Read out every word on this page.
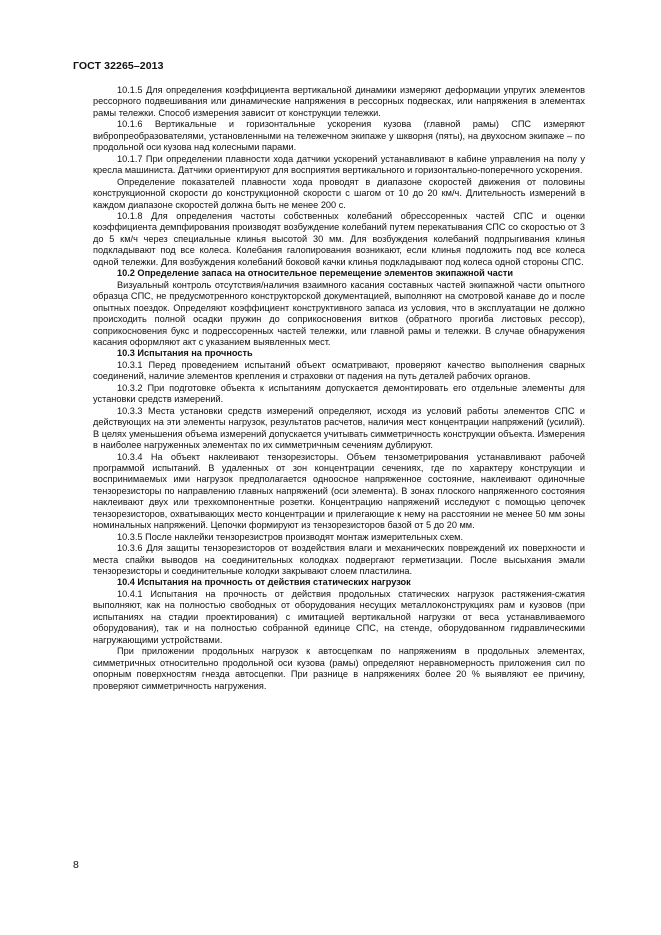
ГОСТ 32265–2013

10.1.5 Для определения коэффициента вертикальной динамики измеряют деформации упругих элементов рессорного подвешивания или динамические напряжения в рессорных подвесках, или напряжения в элементах рамы тележки. Способ измерения зависит от конструкции тележки.

10.1.6 Вертикальные и горизонтальные ускорения кузова (главной рамы) СПС измеряют вибропреобразователями, установленными на тележечном экипаже у шкворня (пяты), на двухосном экипаже – по продольной оси кузова над колесными парами.

10.1.7 При определении плавности хода датчики ускорений устанавливают в кабине управления на полу у кресла машиниста. Датчики ориентируют для восприятия вертикального и горизонтально-поперечного ускорения.

Определение показателей плавности хода проводят в диапазоне скоростей движения от половины конструкционной скорости до конструкционной скорости с шагом от 10 до 20 км/ч. Длительность измерений в каждом диапазоне скоростей должна быть не менее 200 с.

10.1.8 Для определения частоты собственных колебаний обрессоренных частей СПС и оценки коэффициента демпфирования производят возбуждение колебаний путем перекатывания СПС со скоростью от 3 до 5 км/ч через специальные клинья высотой 30 мм. Для возбуждения колебаний подпрыгивания клинья подкладывают под все колеса. Колебания галопирования возникают, если клинья подложить под все колеса одной тележки. Для возбуждения колебаний боковой качки клинья подкладывают под колеса одной стороны СПС.

10.2 Определение запаса на относительное перемещение элементов экипажной части

Визуальный контроль отсутствия/наличия взаимного касания составных частей экипажной части опытного образца СПС, не предусмотренного конструкторской документацией, выполняют на смотровой канаве до и после опытных поездок. Определяют коэффициент конструктивного запаса из условия, что в эксплуатации не должно происходить полной осадки пружин до соприкосновения витков (обратного прогиба листовых рессор), соприкосновения букс и подрессоренных частей тележки, или главной рамы и тележки. В случае обнаружения касания оформляют акт с указанием выявленных мест.

10.3 Испытания на прочность

10.3.1 Перед проведением испытаний объект осматривают, проверяют качество выполнения сварных соединений, наличие элементов крепления и страховки от падения на путь деталей рабочих органов.

10.3.2 При подготовке объекта к испытаниям допускается демонтировать его отдельные элементы для установки средств измерений.

10.3.3 Места установки средств измерений определяют, исходя из условий работы элементов СПС и действующих на эти элементы нагрузок, результатов расчетов, наличия мест концентрации напряжений (усилий). В целях уменьшения объема измерений допускается учитывать симметричность конструкции объекта. Измерения в наиболее нагруженных элементах по их симметричным сечениям дублируют.

10.3.4 На объект наклеивают тензорезисторы. Объем тензометрирования устанавливают рабочей программой испытаний. В удаленных от зон концентрации сечениях, где по характеру конструкции и воспринимаемых ими нагрузок предполагается одноосное напряженное состояние, наклеивают одиночные тензорезисторы по направлению главных напряжений (оси элемента). В зонах плоского напряженного состояния наклеивают двух или трехкомпонентные розетки. Концентрацию напряжений исследуют с помощью цепочек тензорезисторов, охватывающих место концентрации и прилегающие к нему на расстоянии не менее 50 мм зоны номинальных напряжений. Цепочки формируют из тензорезисторов базой от 5 до 20 мм.

10.3.5 После наклейки тензорезистров производят монтаж измерительных схем.

10.3.6 Для защиты тензорезисторов от воздействия влаги и механических повреждений их поверхности и места спайки выводов на соединительных колодках подвергают герметизации. После высыхания эмали тензорезисторы и соединительные колодки закрывают слоем пластилина.

10.4 Испытания на прочность от действия статических нагрузок

10.4.1 Испытания на прочность от действия продольных статических нагрузок растяжения-сжатия выполняют, как на полностью свободных от оборудования несущих металлоконструкциях рам и кузовов (при испытаниях на стадии проектирования) с имитацией вертикальной нагрузки от веса устанавливаемого оборудования), так и на полностью собранной единице СПС, на стенде, оборудованном гидравлическими нагружающими устройствами.

При приложении продольных нагрузок к автосцепкам по напряжениям в продольных элементах, симметричных относительно продольной оси кузова (рамы) определяют неравномерность приложения сил по опорным поверхностям гнезда автосцепки. При разнице в напряжениях более 20 % выявляют ее причину, проверяют симметричность нагружения.

8
